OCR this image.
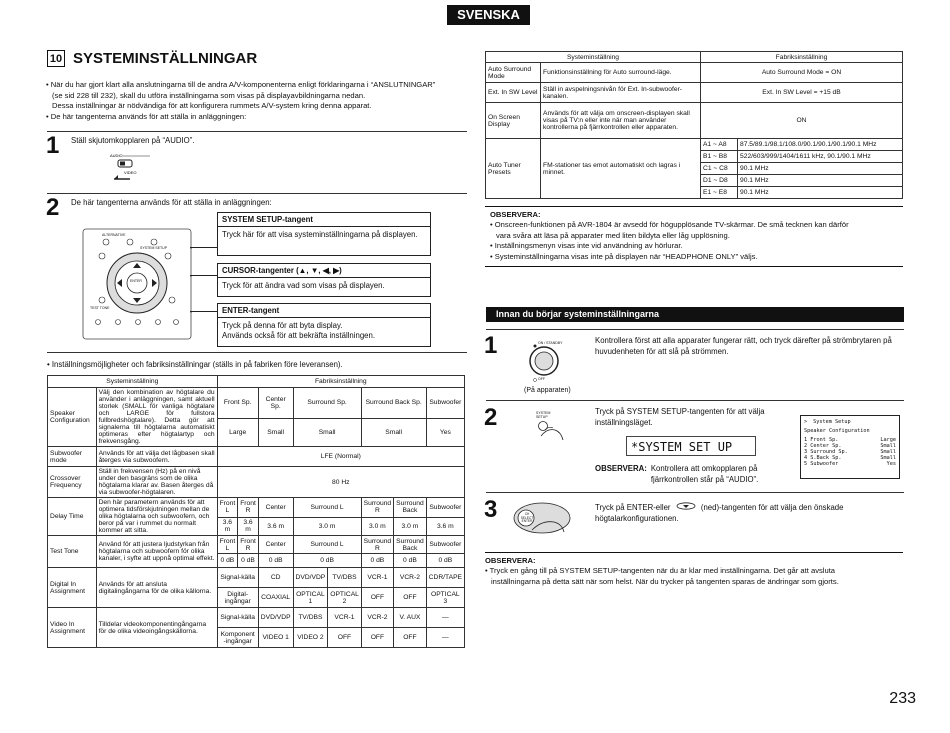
SVENSKA
10 SYSTEMINSTÄLLNINGAR

• När du har gjort klart alla anslutningarna till de andra A/V-komponenterna enligt förklaringarna i “ANSLUTNINGAR”

(se sid 228 till 232), skall du utföra inställningarna som visas på displayavbildningarna nedan.

Dessa inställningar är nödvändiga för att konfigurera rummets A/V-system kring denna apparat.

• De här tangenterna används för att ställa in anläggningen:

1 Ställ skjutomkopplaren på “AUDIO”.
AUDIO
VIDEO
2 De här tangenterna används för att ställa in anläggningen:
ALTERNATIVE
SYSTEM SETUP
ENTER
TEST TONE
SYSTEM SETUP-tangent
Tryck här för att visa systeminställningarna på displayen.
CURSOR-tangenter (▲, ▼, ◀, ▶)
Tryck för att ändra vad som visas på displayen.
ENTER-tangent
Tryck på denna för att byta display.
Används också för att bekräfta inställningen.
• Inställningsmöjligheter och fabriksinställningar (ställs in på fabriken före leveransen).
Systeminställning		Fabriksinställning							
Speaker Configuration	Välj den kombination av högtalare du använder i anläggningen, samt aktuell storlek (SMALL för vanliga högtalare och LARGE för fullstora fullbredshögtalare). Detta gör att signalerna till högtalarna automatiskt optimeras efter högtalartyp och frekvensgång.	Front Sp.		Center Sp.	Surround Sp.		Surround Back Sp.		Subwoofer
		Large		Small	Small		Small		Yes
Subwoofer mode	Används för att välja det lågbasen skall återges via subwoofern.	LFE (Normal)							
Crossover Frequency	Ställ in frekvensen (Hz) på en nivå under den basgräns som de olika högtalarna klarar av. Basen återges då via subwoofer-högtalaren.	80 Hz							
Delay Time	Den här parametern används för att optimera tidsförskjutningen mellan de olika högtalarna och subwoofern, och beror på var i rummet du normalt kommer att sitta.	Front L	Front R	Center	Surround L		Surround R	Surround Back	Subwoofer
		3.6 m	3.6 m	3.6 m	3.0 m		3.0 m	3.0 m	3.6 m
Test Tone	Använd för att justera ljudstyrkan från högtalarna och subwoofern för olika kanaler, i syfte att uppnå optimal effekt.	Front L	Front R	Center	Surround L		Surround R	Surround Back	Subwoofer
		0 dB	0 dB	0 dB	0 dB		0 dB	0 dB	0 dB
Digital In Assignment	Används för att ansluta digitalingångarna för de olika källorna.	Signal-källa		CD	DVD/VDP	TV/DBS	VCR-1	VCR-2	CDR/TAPE
		Digital-ingångar		COAXIAL	OPTICAL 1	OPTICAL 2	OFF	OFF	OPTICAL 3
Video In Assignment	Tilldelar videokomponentingångarna för de olika videoingångskällorna.	Signal-källa		DVD/VDP	TV/DBS	VCR-1	VCR-2	V. AUX	—
		Komponent -ingångar		VIDEO 1	VIDEO 2	OFF	OFF	OFF	—
Systeminställning		Fabriksinställning	
Auto Surround Mode	Funktionsinställning för Auto surround-läge.	Auto Surround Mode = ON	
Ext. In SW Level	Ställ in avspelningsnivån för Ext. In-subwoofer-kanalen.	Ext. In SW Level = +15 dB	
On Screen Display	Används för att välja om onscreen-displayen skall visas på TV:n eller inte när man använder kontrollerna på fjärrkontrollen eller apparaten.	ON	
Auto Tuner Presets	FM-stationer tas emot automatiskt och lagras i minnet.	A1 ~ A8	87.5/89.1/98.1/108.0/90.1/90.1/90.1/90.1 MHz
		B1 ~ B8	522/603/999/1404/1611 kHz, 90.1/90.1 MHz
		C1 ~ C8	90.1 MHz
		D1 ~ D8	90.1 MHz
		E1 ~ E8	90.1 MHz
OBSERVERA:
• Onscreen-funktionen på AVR-1804 är avsedd för högupplösande TV-skärmar. De små tecknen kan därför
vara svåra att läsa på apparater med liten bildyta eller låg upplösning.
• Inställningsmenyn visas inte vid användning av hörlurar.
• Systeminställningarna visas inte på displayen när “HEADPHONE ONLY” väljs.
Innan du börjar systeminställningarna
1	ON / STANDBY
OFF
(På apparaten)
Kontrollera först att alla apparater fungerar rätt, och tryck därefter på strömbrytaren på huvudenheten för att slå på strömmen.
2	SYSTEM SETUP
Tryck på SYSTEM SETUP-tangenten för att välja inställningsläget.
*SYSTEM SET UP
OBSERVERA: Kontrollera att omkopplaren på fjärrkontrollen står på “AUDIO”.
> System Setup
Speaker Configuration
1 Front Sp.	Large
2 Center Sp.	Small
3 Surround Sp.	Small
4 S.Back Sp.	Small
5 Subwoofer	Yes
3	CH SELECT ENTER
Tryck på ENTER-eller	(ned)-tangenten för att välja den önskade högtalarkonfigurationen.
OBSERVERA:
• Tryck en gång till på SYSTEM SETUP-tangenten när du är klar med inställningarna. Det går att avsluta
inställningarna på detta sätt när som helst. När du trycker på tangenten sparas de ändringar som gjorts.
233
